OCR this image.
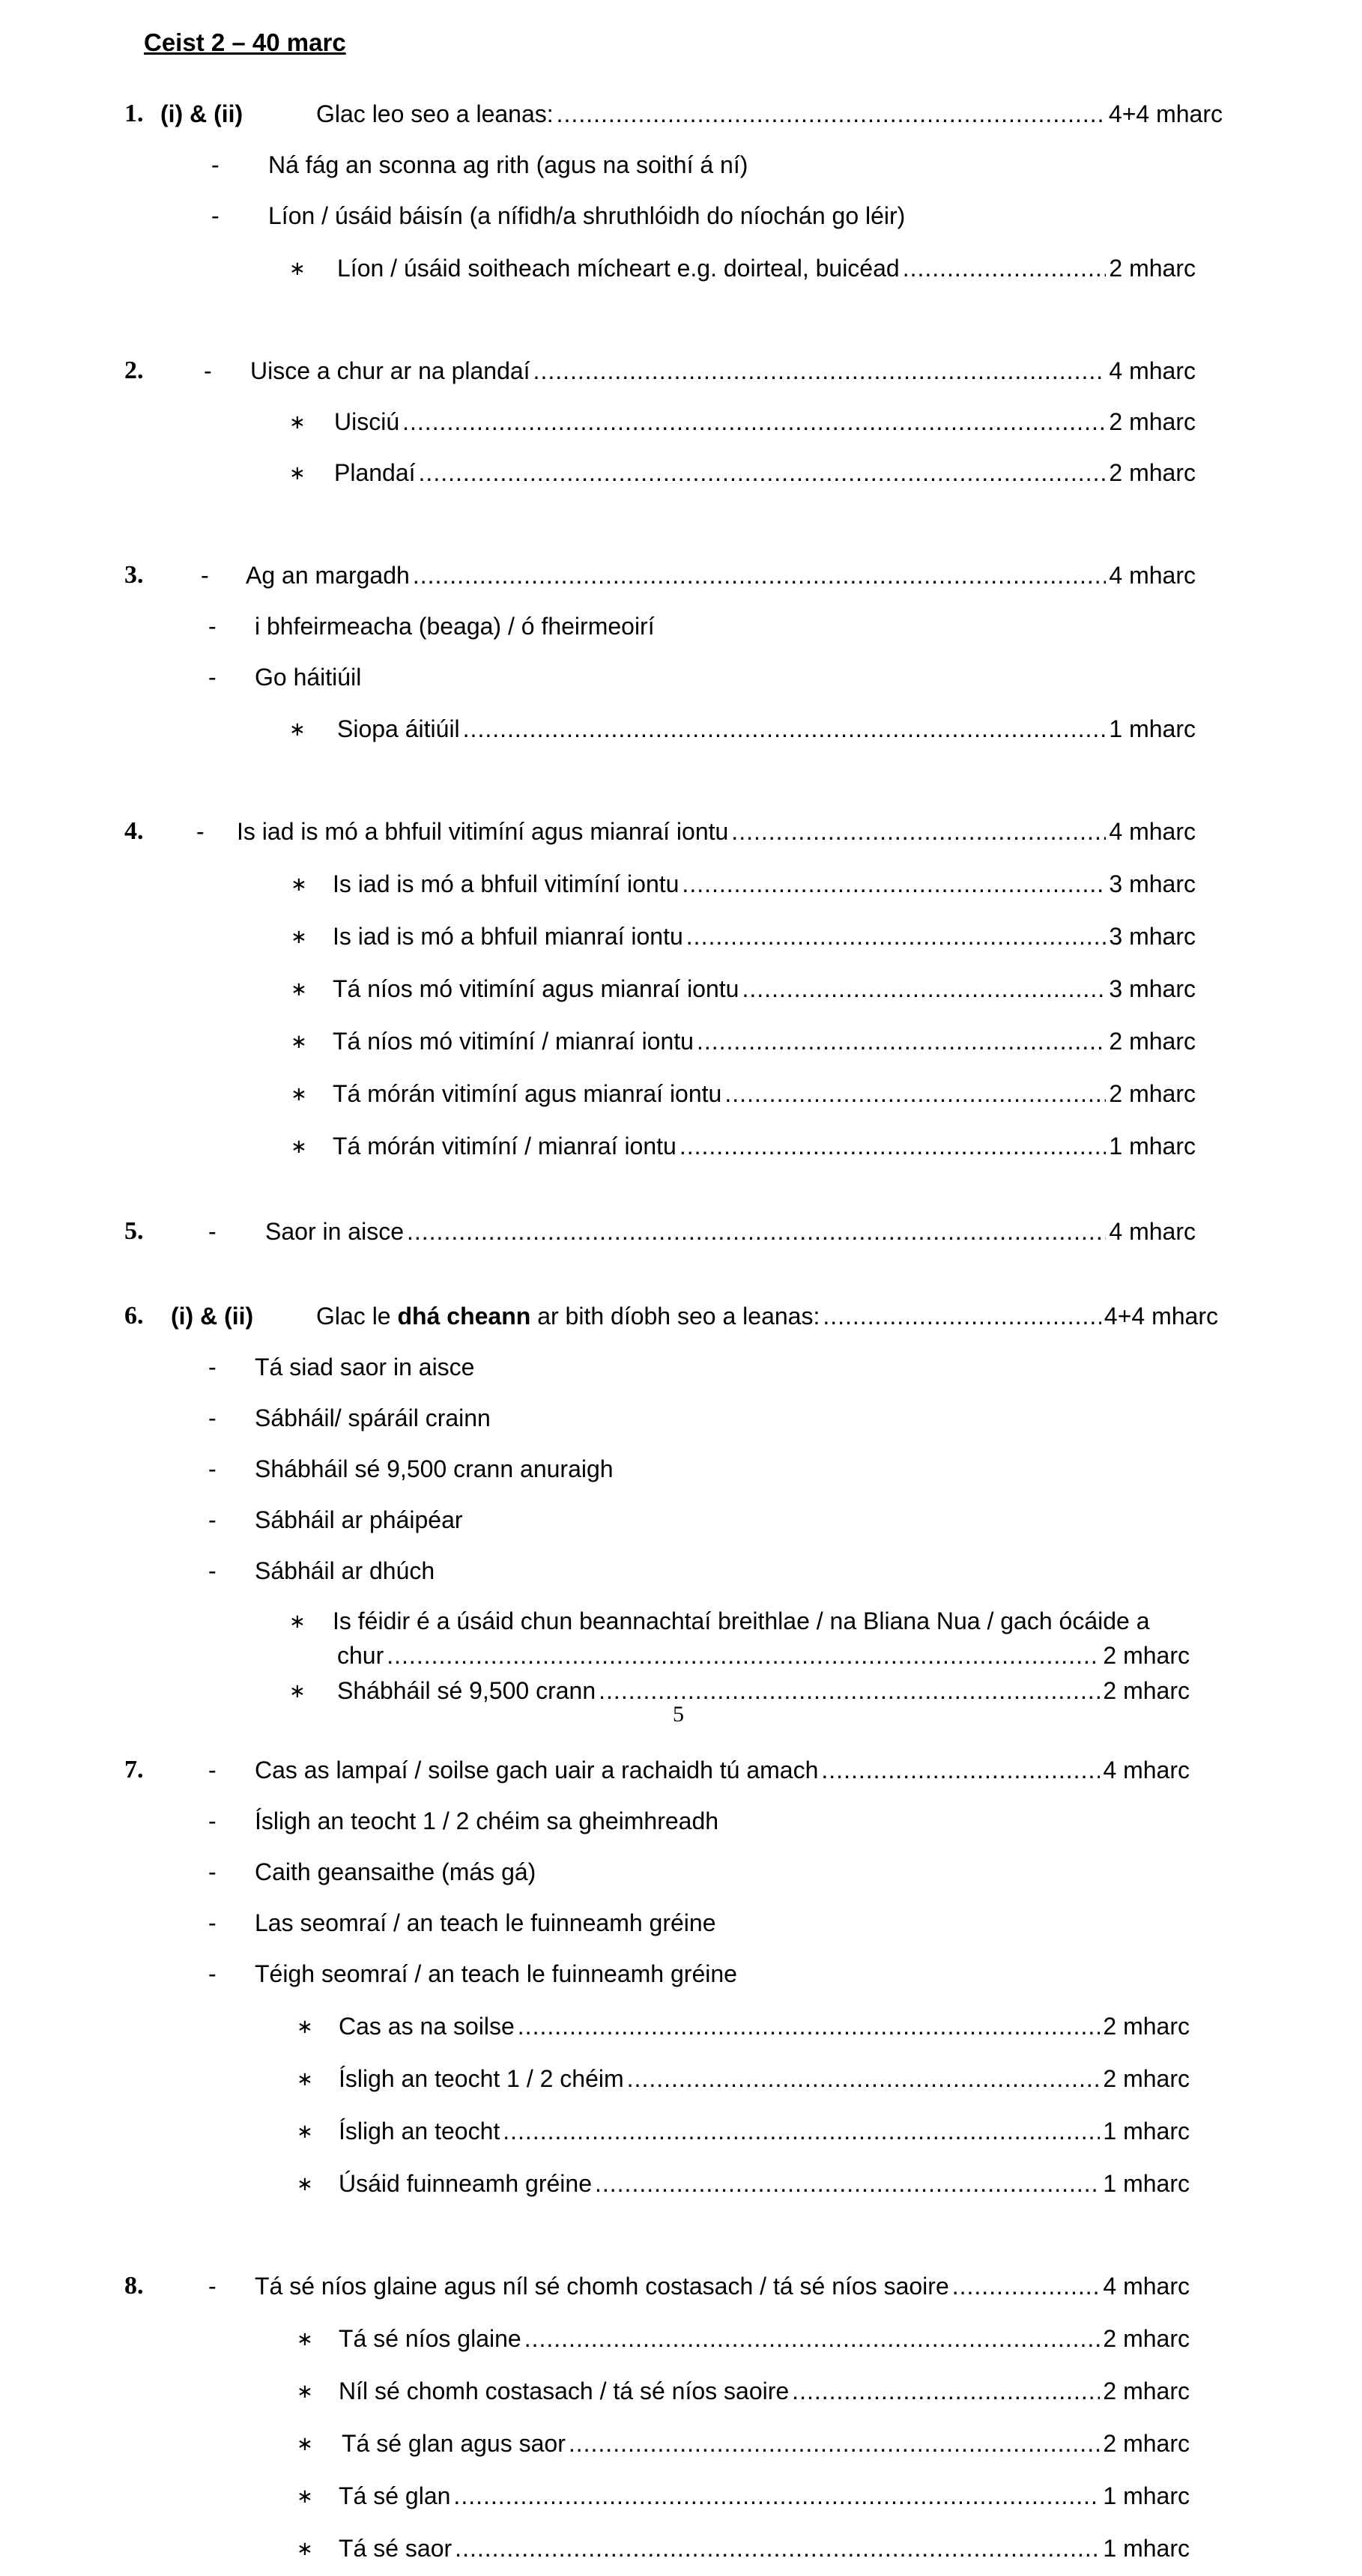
Ceist 2 – 40 marc
1. (i) & (ii)	Glac leo seo a leanas: .....	4+4 mharc
- Ná fág an sconna ag rith (agus na soithí á ní)
- Líon / úsáid báisín (a nífidh/a shruthlóidh do níochán go léir)
∗ Líon / úsáid soitheach mícheart e.g. doirteal, buicéad .....	2 mharc
2.	- Uisce a chur ar na plandaí .....	4 mharc
∗ Uisciú .....	2 mharc
∗ Plandaí .....	2 mharc
3. - Ag an margadh .....	4 mharc
- i bhfeirmeacha (beaga) / ó fheirmeoirí
- Go háitiúil
∗ Siopa áitiúil .....	1 mharc
4. - Is iad is mó a bhfuil vitimíní agus mianraí iontu .....	4 mharc
∗ Is iad is mó a bhfuil vitimíní iontu .....	3 mharc
∗ Is iad is mó a bhfuil mianraí iontu .....	3 mharc
∗ Tá níos mó vitimíní agus mianraí iontu .....	3 mharc
∗ Tá níos mó vitimíní / mianraí iontu .....	2 mharc
∗ Tá mórán vitimíní agus mianraí iontu .....	2 mharc
∗ Tá mórán vitimíní / mianraí iontu .....	1 mharc
5.	- Saor in aisce .....	4 mharc
6. (i) & (ii)	Glac le
dhá cheann
ar bith díobh seo a leanas: .....	4+4 mharc
- Tá siad saor in aisce
- Sábháil/ spáráil crainn
- Shábháil sé 9,500 crann anuraigh
- Sábháil ar pháipéar
- Sábháil ar dhúch
∗ Is féidir é a úsáid chun beannachtaí breithlae / na Bliana Nua / gach ócáide a
chur .....	2 mharc
∗ Shábháil sé 9,500 crann .....	2 mharc
5
7.	- Cas as lampaí / soilse gach uair a rachaidh tú amach .....	4 mharc
- Ísligh an teocht 1 / 2 chéim sa gheimhreadh
- Caith geansaithe (más gá)
- Las seomraí / an teach le fuinneamh gréine
- Téigh seomraí / an teach le fuinneamh gréine
∗ Cas as na soilse .....	2 mharc
∗ Ísligh an teocht 1 / 2 chéim .....	2 mharc
∗ Ísligh an teocht .....	1 mharc
∗ Úsáid fuinneamh gréine .....	1 mharc
8.	- Tá sé níos glaine agus níl sé chomh costasach / tá sé níos saoire .....	4 mharc
∗ Tá sé níos glaine .....	2 mharc
∗ Níl sé chomh costasach / tá sé níos saoire .....	2 mharc
∗ Tá sé glan agus saor .....	2 mharc
∗ Tá sé glan .....	1 mharc
∗ Tá sé saor .....	1 mharc
